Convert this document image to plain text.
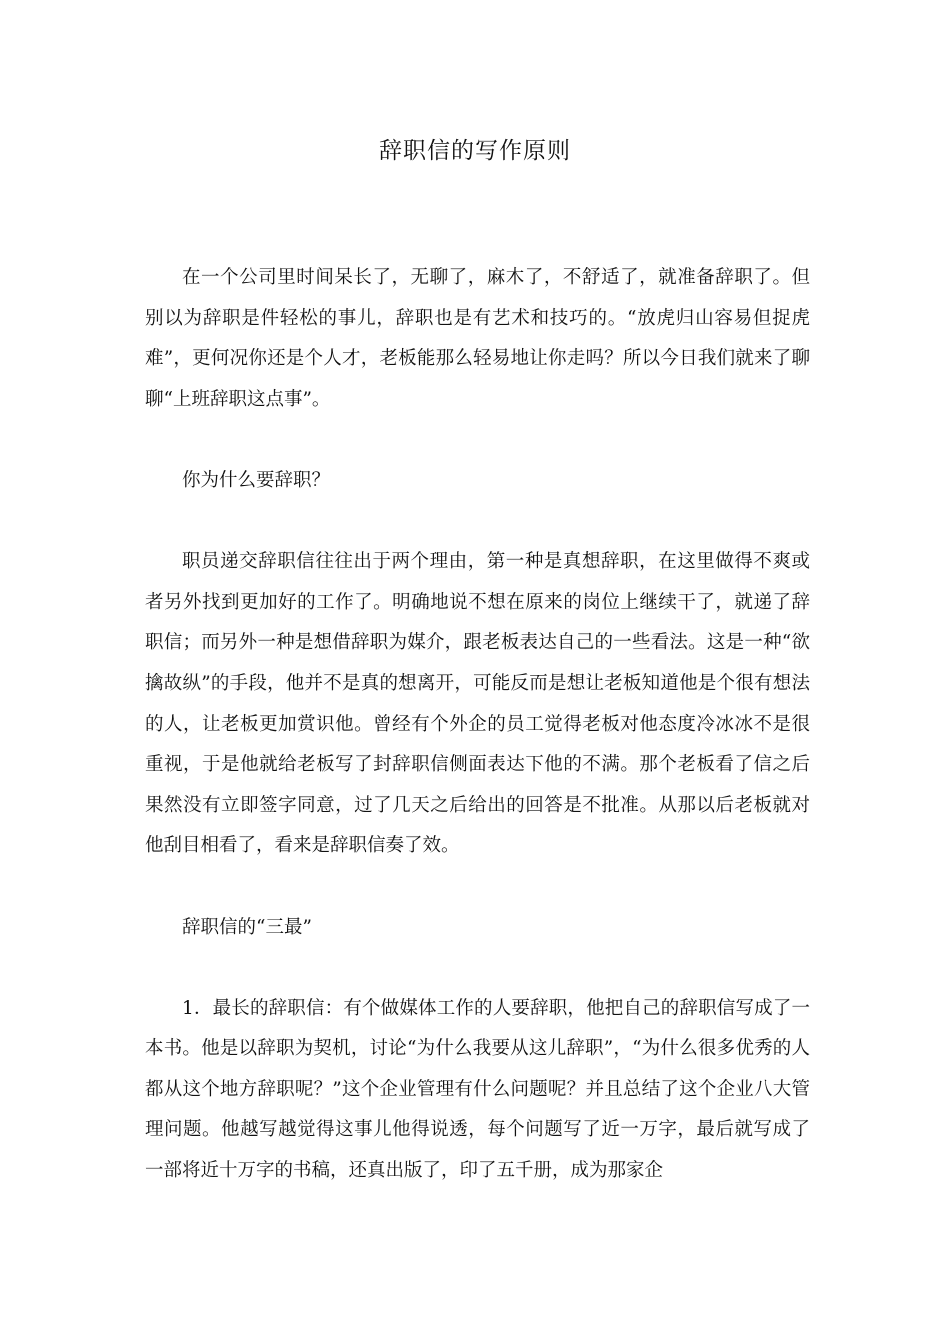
辞职信的写作原则

在一个公司里时间呆长了，无聊了，麻木了，不舒适了，就准备辞职了。但别以为辞职是件轻松的事儿，辞职也是有艺术和技巧的。“放虎归山容易但捉虎难”，更何况你还是个人才，老板能那么轻易地让你走吗？所以今日我们就来了聊聊“上班辞职这点事”。

你为什么要辞职？

职员递交辞职信往往出于两个理由，第一种是真想辞职，在这里做得不爽或者另外找到更加好的工作了。明确地说不想在原来的岗位上继续干了，就递了辞职信；而另外一种是想借辞职为媒介，跟老板表达自己的一些看法。这是一种“欲擒故纵”的手段，他并不是真的想离开，可能反而是想让老板知道他是个很有想法的人，让老板更加赏识他。曾经有个外企的员工觉得老板对他态度冷冰冰不是很重视，于是他就给老板写了封辞职信侧面表达下他的不满。那个老板看了信之后果然没有立即签字同意，过了几天之后给出的回答是不批准。从那以后老板就对他刮目相看了，看来是辞职信奏了效。

辞职信的“三最”

1．最长的辞职信：有个做媒体工作的人要辞职，他把自己的辞职信写成了一本书。他是以辞职为契机，讨论“为什么我要从这儿辞职”，“为什么很多优秀的人都从这个地方辞职呢？”这个企业管理有什么问题呢？并且总结了这个企业八大管理问题。他越写越觉得这事儿他得说透，每个问题写了近一万字，最后就写成了一部将近十万字的书稿，还真出版了，印了五千册，成为那家企
